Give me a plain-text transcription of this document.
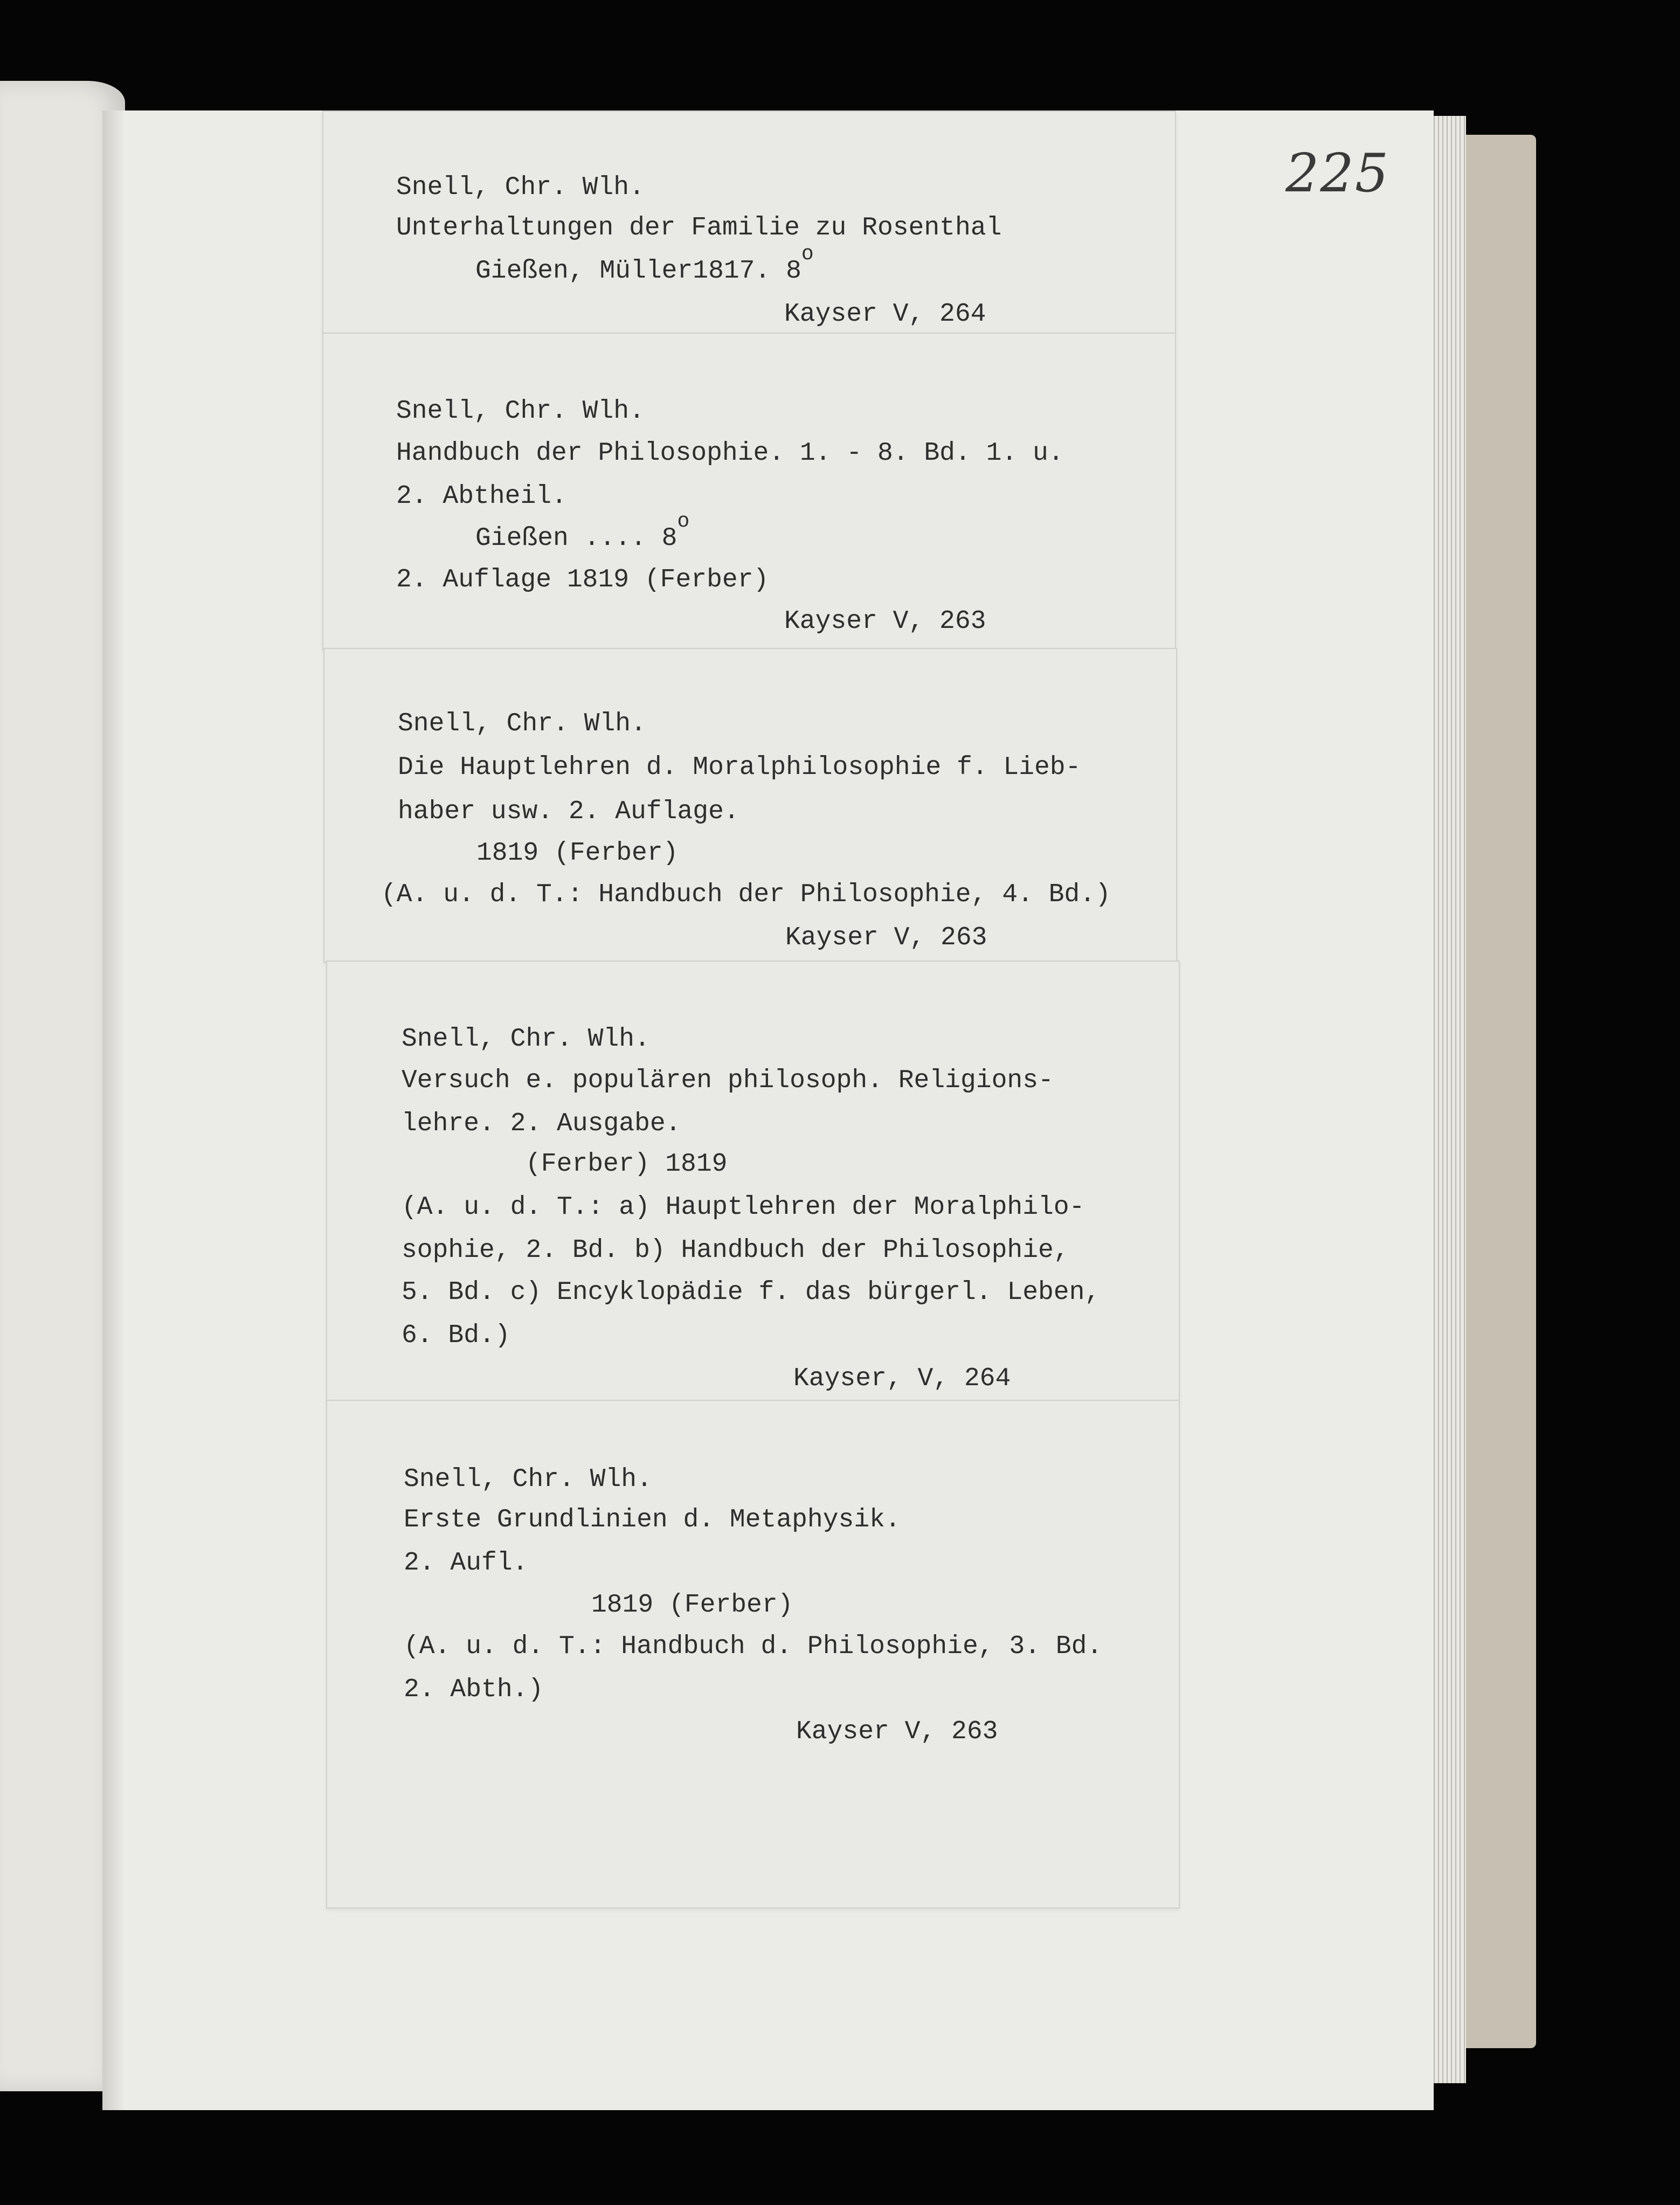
225
Snell, Chr. Wlh.
Unterhaltungen der Familie zu Rosenthal
Gießen, Müller1817. 8$^o$
Kayser V, 264
Snell, Chr. Wlh.
Handbuch der Philosophie. 1. - 8. Bd. 1. u.
2. Abtheil.
Gießen .... 8$^o$
2. Auflage 1819 (Ferber)
Kayser V, 263
Snell, Chr. Wlh.
Die Hauptlehren d. Moralphilosophie f. Lieb-
haber usw. 2. Auflage.
1819 (Ferber)
(A. u. d. T.: Handbuch der Philosophie, 4. Bd.)
Kayser V, 263
Snell, Chr. Wlh.
Versuch e. populären philosoph. Religions-
lehre. 2. Ausgabe.
(Ferber) 1819
(A. u. d. T.: a) Hauptlehren der Moralphilo-
sophie, 2. Bd. b) Handbuch der Philosophie,
5. Bd. c) Encyklopädie f. das bürgerl. Leben,
6. Bd.)
Kayser, V, 264
Snell, Chr. Wlh.
Erste Grundlinien d. Metaphysik.
2. Aufl.
1819 (Ferber)
(A. u. d. T.: Handbuch d. Philosophie, 3. Bd.
2. Abth.)
Kayser V, 263
